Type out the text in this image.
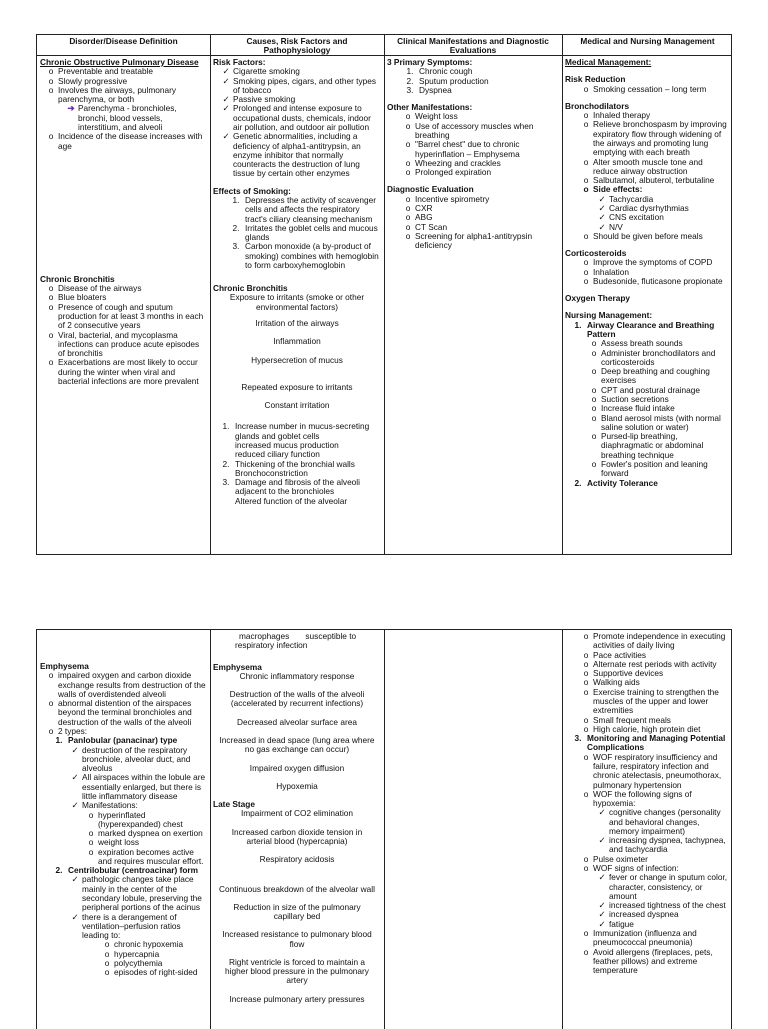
Disorder/Disease Definition	Causes, Risk Factors and Pathophysiology
Clinical Manifestations and Diagnostic Evaluations
Medical and Nursing Management
Chronic Obstructive Pulmonary Disease
o Preventable and treatable
o Slowly progressive
o Involves the airways, pulmonary parenchyma, or both
➔ Parenchyma - bronchioles, bronchi, blood vessels, interstitium, and alveoli
o Incidence of the disease increases with age
Chronic Bronchitis
o Disease of the airways
o Blue bloaters
o Presence of cough and sputum production for at least 3 months in each of 2 consecutive years
o Viral, bacterial, and mycoplasma infections can produce acute episodes of bronchitis
o Exacerbations are most likely to occur during the winter when viral and bacterial infections are more prevalent
Risk Factors:
✓ Cigarette smoking
✓ Smoking pipes, cigars, and other types of tobacco
✓ Passive smoking
✓ Prolonged and intense exposure to occupational dusts, chemicals, indoor air pollution, and outdoor air pollution
✓ Genetic abnormalities, including a deficiency of alpha1-antitrypsin, an enzyme inhibitor that normally counteracts the destruction of lung tissue by certain other enzymes
Effects of Smoking:
1. Depresses the activity of scavenger cells and affects the respiratory tract's ciliary cleansing mechanism
2. Irritates the goblet cells and mucous glands
3. Carbon monoxide (a by-product of smoking) combines with hemoglobin to form carboxyhemoglobin
Chronic Bronchitis
Exposure to irritants (smoke or other environmental factors)
Irritation of the airways
Inflammation
Hypersecretion of mucus
Repeated exposure to irritants
Constant irritation
1. Increase number in mucus-secreting glands and goblet cells
increased mucus production
reduced ciliary function
2. Thickening of the bronchial walls
Bronchoconstriction
3. Damage and fibrosis of the alveoli adjacent to the bronchioles
Altered function of the alveolar
3 Primary Symptoms:
1. Chronic cough
2. Sputum production
3. Dyspnea
Other Manifestations:
o Weight loss
o Use of accessory muscles when breathing
o "Barrel chest" due to chronic hyperinflation – Emphysema
o Wheezing and crackles
o Prolonged expiration
Diagnostic Evaluation
o Incentive spirometry
o CXR
o ABG
o CT Scan
o Screening for alpha1-antitrypsin deficiency
Medical Management:
Risk Reduction
o Smoking cessation – long term
Bronchodilators
o Inhaled therapy
o Relieve bronchospasm by improving expiratory flow through widening of the airways and promoting lung emptying with each breath
o Alter smooth muscle tone and reduce airway obstruction
o Salbutamol, albuterol, terbutaline
o Side effects:
✓ Tachycardia
✓ Cardiac dysrhythmias
✓ CNS excitation
✓ N/V
o Should be given before meals
Corticosteroids
o Improve the symptoms of COPD
o Inhalation
o Budesonide, fluticasone propionate
Oxygen Therapy
Nursing Management:
1. Airway Clearance and Breathing Pattern
o Assess breath sounds
o Administer bronchodilators and corticosteroids
o Deep breathing and coughing exercises
o CPT and postural drainage
o Suction secretions
o Increase fluid intake
o Bland aerosol mists (with normal saline solution or water)
o Pursed-lip breathing, diaphragmatic or abdominal breathing technique
o Fowler's position and leaning forward
2. Activity Tolerance
Emphysema
o impaired oxygen and carbon dioxide exchange results from destruction of the walls of overdistended alveoli
o abnormal distention of the airspaces beyond the terminal bronchioles and destruction of the walls of the alveoli
o 2 types:
1. Panlobular (panacinar) type
✓ destruction of the respiratory bronchiole, alveolar duct, and alveolus
✓ All airspaces within the lobule are essentially enlarged, but there is little inflammatory disease
✓ Manifestations:
o hyperinflated (hyperexpanded) chest
o marked dyspnea on exertion
o weight loss
o expiration becomes active and requires muscular effort.
2. Centrilobular (centroacinar) form
✓ pathologic changes take place mainly in the center of the secondary lobule, preserving the peripheral portions of the acinus
✓ there is a derangement of ventilation–perfusion ratios leading to:
o chronic hypoxemia
o hypercapnia
o polycythemia
o episodes of right-sided
macrophages       susceptible to
respiratory infection
Emphysema
Chronic inflammatory response
Destruction of the walls of the alveoli (accelerated by recurrent infections)
Decreased alveolar surface area
Increased in dead space (lung area where no gas exchange can occur)
Impaired oxygen diffusion
Hypoxemia
Late Stage
Impairment of CO2 elimination
Increased carbon dioxide tension in arterial blood (hypercapnia)
Respiratory acidosis
Continuous breakdown of the alveolar wall
Reduction in size of the pulmonary capillary bed
Increased resistance to pulmonary blood flow
Right ventricle is forced to maintain a higher blood pressure in the pulmonary artery
Increase pulmonary artery pressures
o Promote independence in executing activities of daily living
o Pace activities
o Alternate rest periods with activity
o Supportive devices
o Walking aids
o Exercise training to strengthen the muscles of the upper and lower extremities
o Small frequent meals
o High calorie, high protein diet
3. Monitoring and Managing Potential Complications
o WOF respiratory insufficiency and failure, respiratory infection and chronic atelectasis, pneumothorax, pulmonary hypertension
o WOF the following signs of hypoxemia:
✓ cognitive changes (personality and behavioral changes, memory impairment)
✓ increasing dyspnea, tachypnea, and tachycardia
o Pulse oximeter
o WOF signs of infection:
✓ fever or change in sputum color, character, consistency, or amount
✓ increased tightness of the chest
✓ increased dyspnea
✓ fatigue
o Immunization (influenza and pneumococcal pneumonia)
o Avoid allergens (fireplaces, pets, feather pillows) and extreme temperature
